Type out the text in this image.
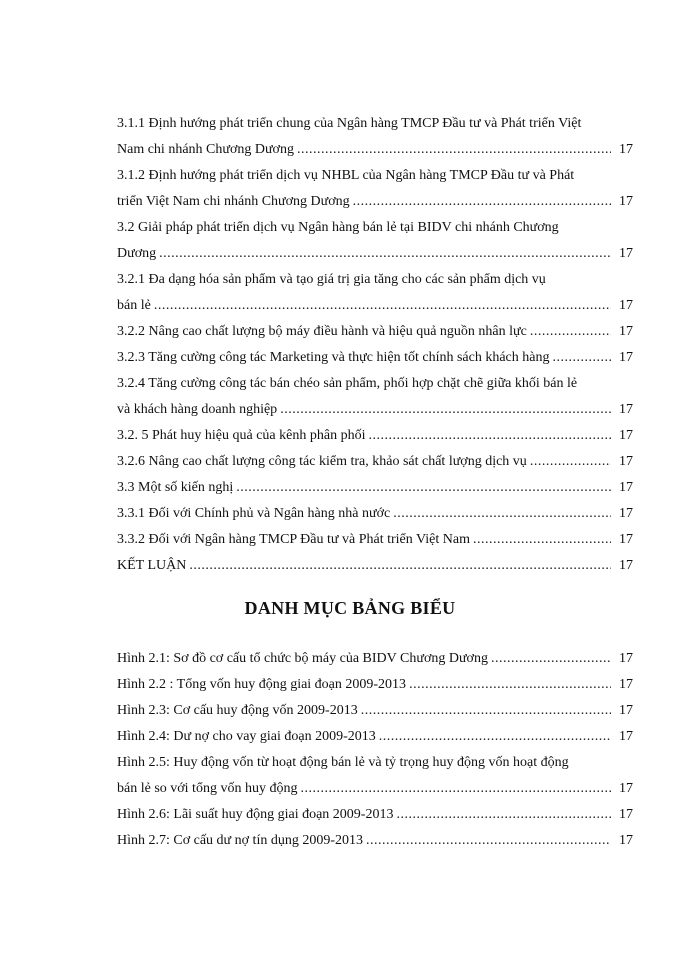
3.1.1 Định hướng phát triển chung của Ngân hàng TMCP Đầu tư và Phát triển Việt
Nam chi nhánh Chương Dương .....	17
3.1.2 Định hướng phát triển dịch vụ NHBL của Ngân hàng TMCP Đầu tư và Phát
triển Việt Nam chi nhánh Chương Dương .....	17
3.2 Giải pháp phát triển dịch vụ Ngân hàng bán lẻ tại BIDV chi nhánh Chương
Dương .....	17
3.2.1 Đa dạng hóa sản phẩm và tạo giá trị gia tăng cho các sản phẩm dịch vụ
bán lẻ .....	17
3.2.2 Nâng cao chất lượng bộ máy điều hành và hiệu quả nguồn nhân lực .....	17
3.2.3 Tăng cường công tác Marketing và thực hiện tốt chính sách khách hàng .....	17
3.2.4 Tăng cường công tác bán chéo sản phẩm, phối hợp chặt chẽ giữa khối bán lẻ
và khách hàng doanh nghiệp .....	17
3.2. 5 Phát huy hiệu quả của kênh phân phối .....	17
3.2.6 Nâng cao chất lượng công tác kiểm tra, khảo sát chất lượng dịch vụ .....	17
3.3 Một số kiến nghị .....	17
3.3.1 Đối với Chính phủ và Ngân hàng nhà nước .....	17
3.3.2 Đối với Ngân hàng TMCP Đầu tư và Phát triển Việt Nam .....	17
KẾT LUẬN .....	17
DANH MỤC BẢNG BIỂU
Hình 2.1: Sơ đồ cơ cấu tổ chức bộ máy của BIDV Chương Dương .....	17
Hình 2.2 : Tổng vốn huy động giai đoạn 2009-2013 .....	17
Hình 2.3: Cơ cấu huy động vốn 2009-2013 .....	17
Hình 2.4: Dư nợ cho vay giai đoạn 2009-2013 .....	17
Hình 2.5: Huy động vốn từ hoạt động bán lẻ và tỷ trọng huy động vốn hoạt động
bán lẻ so với tổng vốn huy động .....	17
Hình 2.6: Lãi suất huy động giai đoạn 2009-2013 .....	17
Hình 2.7: Cơ cấu dư nợ tín dụng 2009-2013 .....	17
